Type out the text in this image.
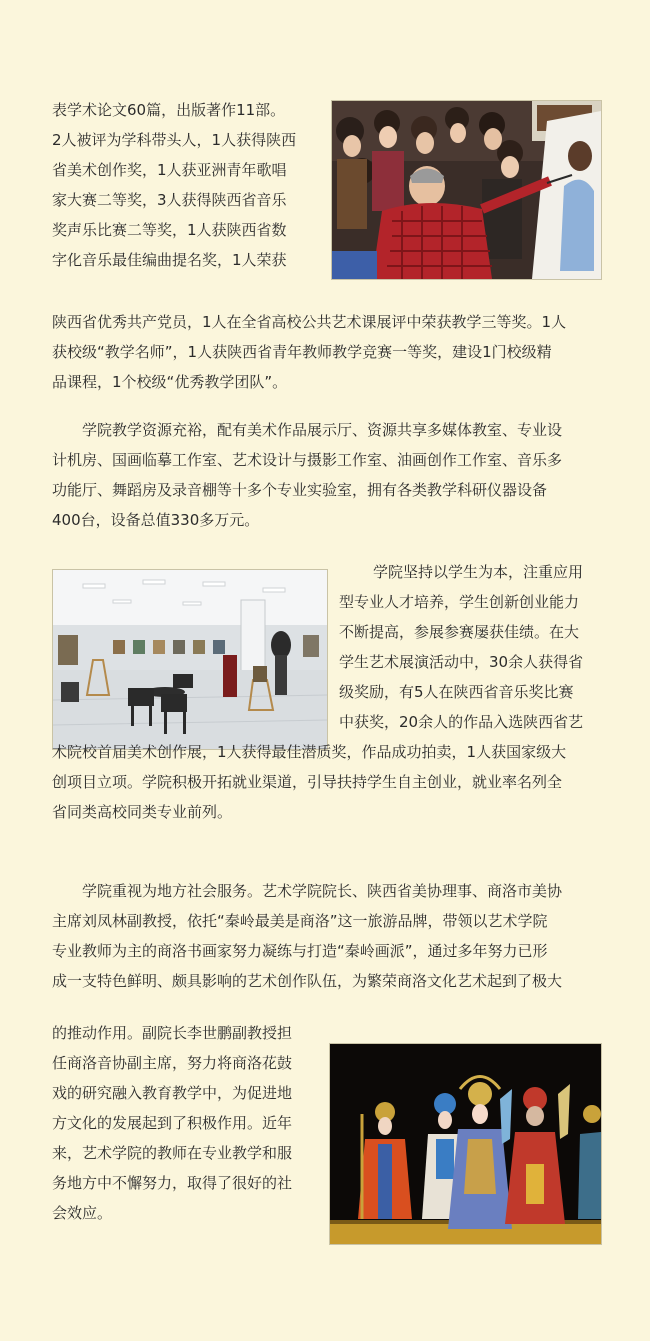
表学术论文60篇，出版著作11部。
2人被评为学科带头人，1人获得陕西
省美术创作奖，1人获亚洲青年歌唱
家大赛二等奖，3人获得陕西省音乐
奖声乐比赛二等奖，1人获陕西省数
字化音乐最佳编曲提名奖，1人荣获
陕西省优秀共产党员，1人在全省高校公共艺术课展评中荣获教学三等奖。1人
获校级“教学名师”，1人获陕西省青年教师教学竞赛一等奖，建设1门校级精
品课程，1个校级“优秀教学团队”。
学院教学资源充裕，配有美术作品展示厅、资源共享多媒体教室、专业设
计机房、国画临摹工作室、艺术设计与摄影工作室、油画创作工作室、音乐多
功能厅、舞蹈房及录音棚等十多个专业实验室，拥有各类教学科研仪器设备
400台，设备总值330多万元。
学院坚持以学生为本，注重应用
型专业人才培养，学生创新创业能力
不断提高，参展参赛屡获佳绩。在大
学生艺术展演活动中，30余人获得省
级奖励，有5人在陕西省音乐奖比赛
中获奖，20余人的作品入选陕西省艺
术院校首届美术创作展，1人获得最佳潜质奖，作品成功拍卖，1人获国家级大
创项目立项。学院积极开拓就业渠道，引导扶持学生自主创业，就业率名列全
省同类高校同类专业前列。
学院重视为地方社会服务。艺术学院院长、陕西省美协理事、商洛市美协
主席刘凤林副教授，依托“秦岭最美是商洛”这一旅游品牌，带领以艺术学院
专业教师为主的商洛书画家努力凝练与打造“秦岭画派”，通过多年努力已形
成一支特色鲜明、颇具影响的艺术创作队伍，为繁荣商洛文化艺术起到了极大
的推动作用。副院长李世鹏副教授担
任商洛音协副主席，努力将商洛花鼓
戏的研究融入教育教学中，为促进地
方文化的发展起到了积极作用。近年
来，艺术学院的教师在专业教学和服
务地方中不懈努力，取得了很好的社
会效应。
